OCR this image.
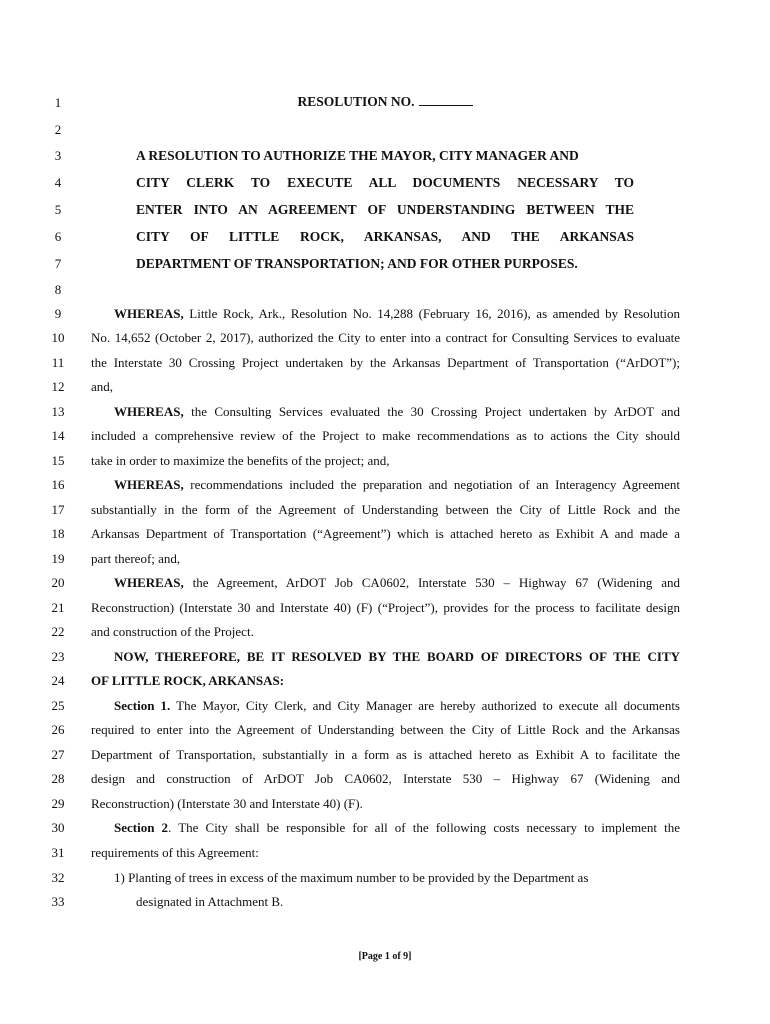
1
2
3
4
5
6
7
8
9
10
11
12
13
14
15
16
17
18
19
20
21
22
23
24
25
26
27
28
29
30
31
32
33
RESOLUTION NO.
A RESOLUTION TO AUTHORIZE THE MAYOR, CITY MANAGER AND
CITY CLERK TO EXECUTE ALL DOCUMENTS NECESSARY TO
ENTER INTO AN AGREEMENT OF UNDERSTANDING BETWEEN THE
CITY OF LITTLE ROCK, ARKANSAS, AND THE ARKANSAS
DEPARTMENT OF TRANSPORTATION; AND FOR OTHER PURPOSES.
WHEREAS, Little Rock, Ark., Resolution No. 14,288 (February 16, 2016), as amended by Resolution
No. 14,652 (October 2, 2017), authorized the City to enter into a contract for Consulting Services to evaluate
the Interstate 30 Crossing Project undertaken by the Arkansas Department of Transportation (“ArDOT”);
and,
WHEREAS, the Consulting Services evaluated the 30 Crossing Project undertaken by ArDOT and
included a comprehensive review of the Project to make recommendations as to actions the City should
take in order to maximize the benefits of the project; and,
WHEREAS, recommendations included the preparation and negotiation of an Interagency Agreement
substantially in the form of the Agreement of Understanding between the City of Little Rock and the
Arkansas Department of Transportation (“Agreement”) which is attached hereto as Exhibit A and made a
part thereof; and,
WHEREAS, the Agreement, ArDOT Job CA0602, Interstate 530 – Highway 67 (Widening and
Reconstruction) (Interstate 30 and Interstate 40) (F) (“Project”), provides for the process to facilitate design
and construction of the Project.
NOW, THEREFORE, BE IT RESOLVED BY THE BOARD OF DIRECTORS OF THE CITY
OF LITTLE ROCK, ARKANSAS:
Section 1. The Mayor, City Clerk, and City Manager are hereby authorized to execute all documents
required to enter into the Agreement of Understanding between the City of Little Rock and the Arkansas
Department of Transportation, substantially in a form as is attached hereto as Exhibit A to facilitate the
design and construction of ArDOT Job CA0602, Interstate 530 – Highway 67 (Widening and
Reconstruction) (Interstate 30 and Interstate 40) (F).
Section 2. The City shall be responsible for all of the following costs necessary to implement the
requirements of this Agreement:
1) Planting of trees in excess of the maximum number to be provided by the Department as
designated in Attachment B.
[Page 1 of 9]
